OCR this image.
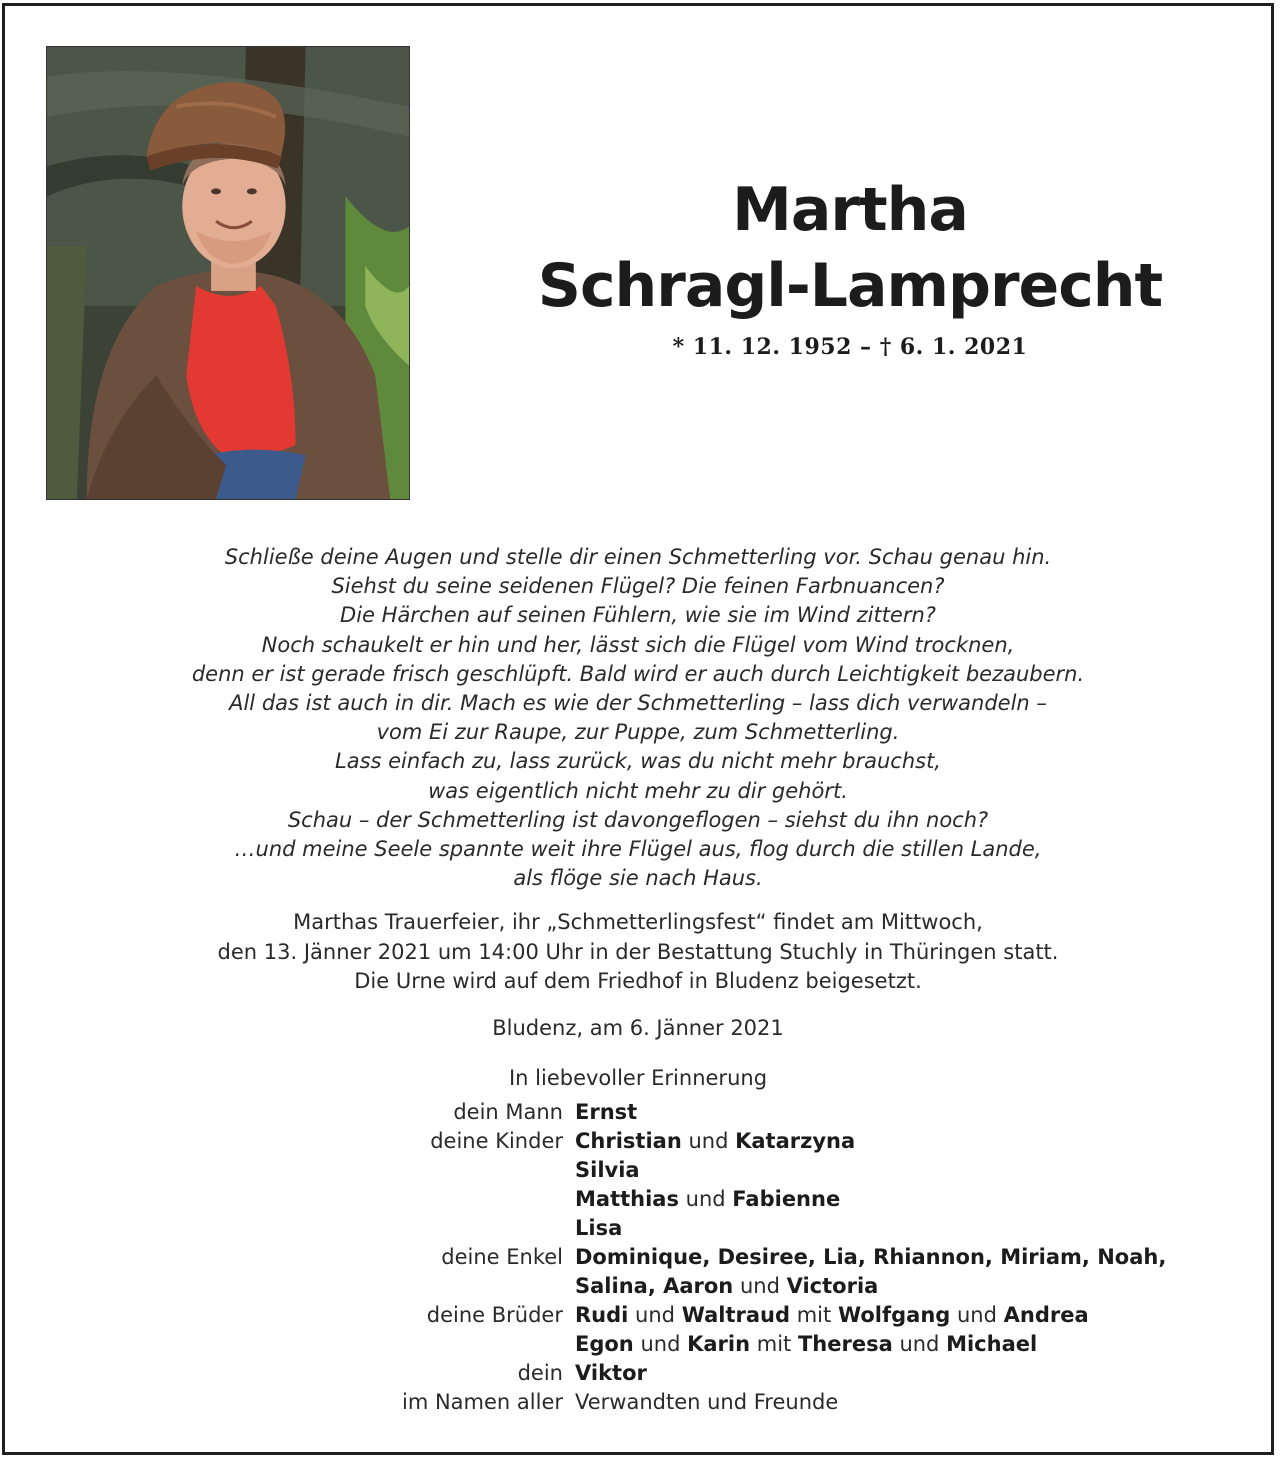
Martha
Schragl-Lamprecht
* 11. 12. 1952 – † 6. 1. 2021
Schließe deine Augen und stelle dir einen Schmetterling vor. Schau genau hin.
Siehst du seine seidenen Flügel? Die feinen Farbnuancen?
Die Härchen auf seinen Fühlern, wie sie im Wind zittern?
Noch schaukelt er hin und her, lässt sich die Flügel vom Wind trocknen,
denn er ist gerade frisch geschlüpft. Bald wird er auch durch Leichtigkeit bezaubern.
All das ist auch in dir. Mach es wie der Schmetterling – lass dich verwandeln –
vom Ei zur Raupe, zur Puppe, zum Schmetterling.
Lass einfach zu, lass zurück, was du nicht mehr brauchst,
was eigentlich nicht mehr zu dir gehört.
Schau – der Schmetterling ist davongeflogen – siehst du ihn noch?
…und meine Seele spannte weit ihre Flügel aus, flog durch die stillen Lande,
als flöge sie nach Haus.
Marthas Trauerfeier, ihr „Schmetterlingsfest“ findet am Mittwoch,
den 13. Jänner 2021 um 14:00 Uhr in der Bestattung Stuchly in Thüringen statt.
Die Urne wird auf dem Friedhof in Bludenz beigesetzt.
Bludenz, am 6. Jänner 2021
In liebevoller Erinnerung
dein Mann Ernst
deine Kinder Christian und Katarzyna
Silvia
Matthias und Fabienne
Lisa
deine Enkel Dominique, Desiree, Lia, Rhiannon, Miriam, Noah,
Salina, Aaron und Victoria
deine Brüder Rudi und Waltraud mit Wolfgang und Andrea
Egon und Karin mit Theresa und Michael
dein Viktor
im Namen aller Verwandten und Freunde
